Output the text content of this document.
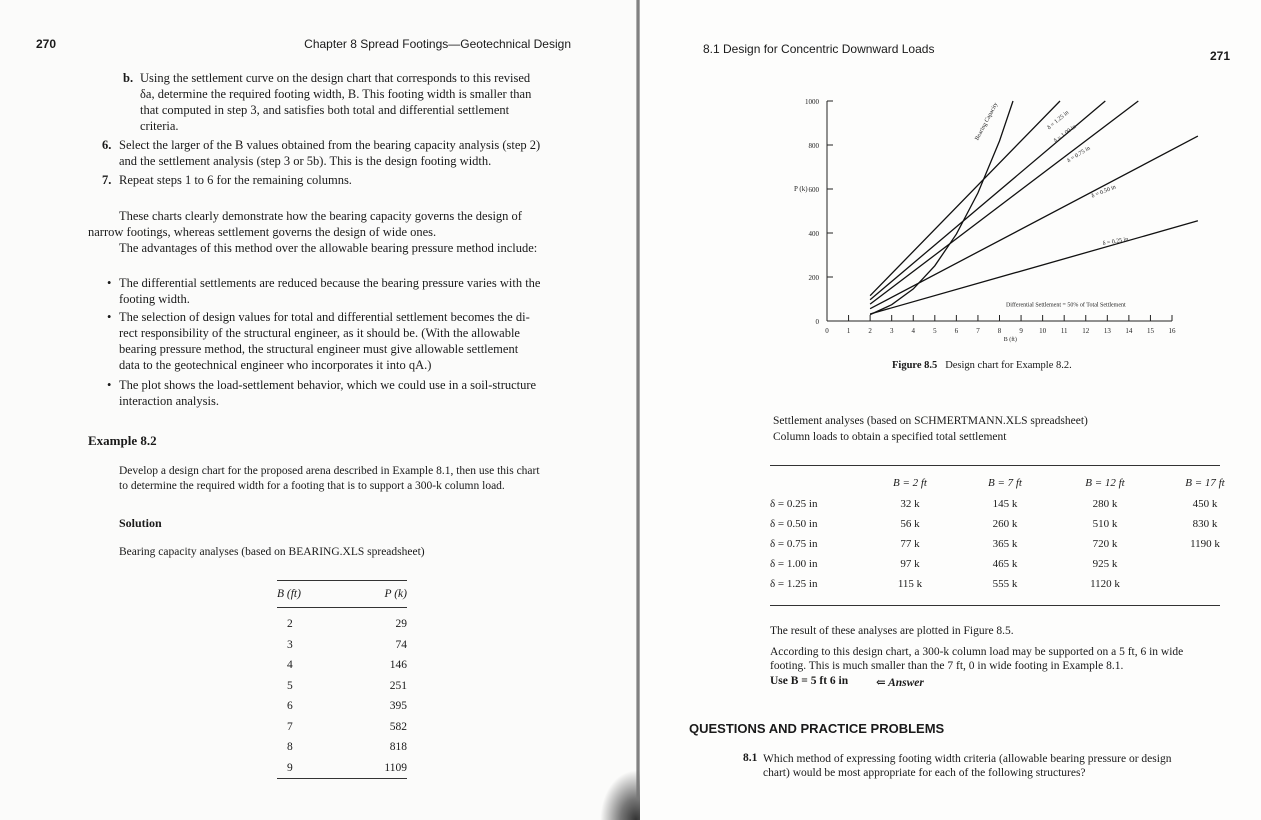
270	Chapter 8 Spread Footings—Geotechnical Design
b. Using the settlement curve on the design chart that corresponds to this revised
δa, determine the required footing width, B. This footing width is smaller than
that computed in step 3, and satisfies both total and differential settlement
criteria.
6. Select the larger of the B values obtained from the bearing capacity analysis (step 2)
and the settlement analysis (step 3 or 5b). This is the design footing width.
7. Repeat steps 1 to 6 for the remaining columns.
These charts clearly demonstrate how the bearing capacity governs the design of
narrow footings, whereas settlement governs the design of wide ones.
The advantages of this method over the allowable bearing pressure method include:
• The differential settlements are reduced because the bearing pressure varies with the
footing width.
• The selection of design values for total and differential settlement becomes the di-
rect responsibility of the structural engineer, as it should be. (With the allowable
bearing pressure method, the structural engineer must give allowable settlement
data to the geotechnical engineer who incorporates it into qA.)
• The plot shows the load-settlement behavior, which we could use in a soil-structure
interaction analysis.
Example 8.2
Develop a design chart for the proposed arena described in Example 8.1, then use this chart
to determine the required width for a footing that is to support a 300-k column load.
Solution
Bearing capacity analyses (based on BEARING.XLS spreadsheet)
B (ft)	P (k)
2	29
3	74
4	146
5	251
6	395
7	582
8	818
9	1109
8.1 Design for Concentric Downward Loads	271
0
200
400
600
800
1000
0	1	2	3	4	5	6	7	8	9 10 11 12 13 14 15 16
P (k)
B (ft)
Bearing Capacity	δ = 1.25 in
δ = 1.00 in
δ = 0.75 in
δ = 0.50 in
δ = 0.25 in
Differential Settlement = 50% of Total Settlement
Figure 8.5 Design chart for Example 8.2.
Settlement analyses (based on SCHMERTMANN.XLS spreadsheet)
Column loads to obtain a specified total settlement
B = 2 ft	B = 7 ft	B = 12 ft	B = 17 ft
δ = 0.25 in	32 k	145 k	280 k	450 k
δ = 0.50 in	56 k	260 k	510 k	830 k
δ = 0.75 in	77 k	365 k	720 k	1190 k
δ = 1.00 in	97 k	465 k	925 k
δ = 1.25 in	115 k	555 k	1120 k
The result of these analyses are plotted in Figure 8.5.
According to this design chart, a 300-k column load may be supported on a 5 ft, 6 in wide
footing. This is much smaller than the 7 ft, 0 in wide footing in Example 8.1.
Use B = 5 ft 6 in ⇐ Answer
QUESTIONS AND PRACTICE PROBLEMS
8.1 Which method of expressing footing width criteria (allowable bearing pressure or design
chart) would be most appropriate for each of the following structures?
